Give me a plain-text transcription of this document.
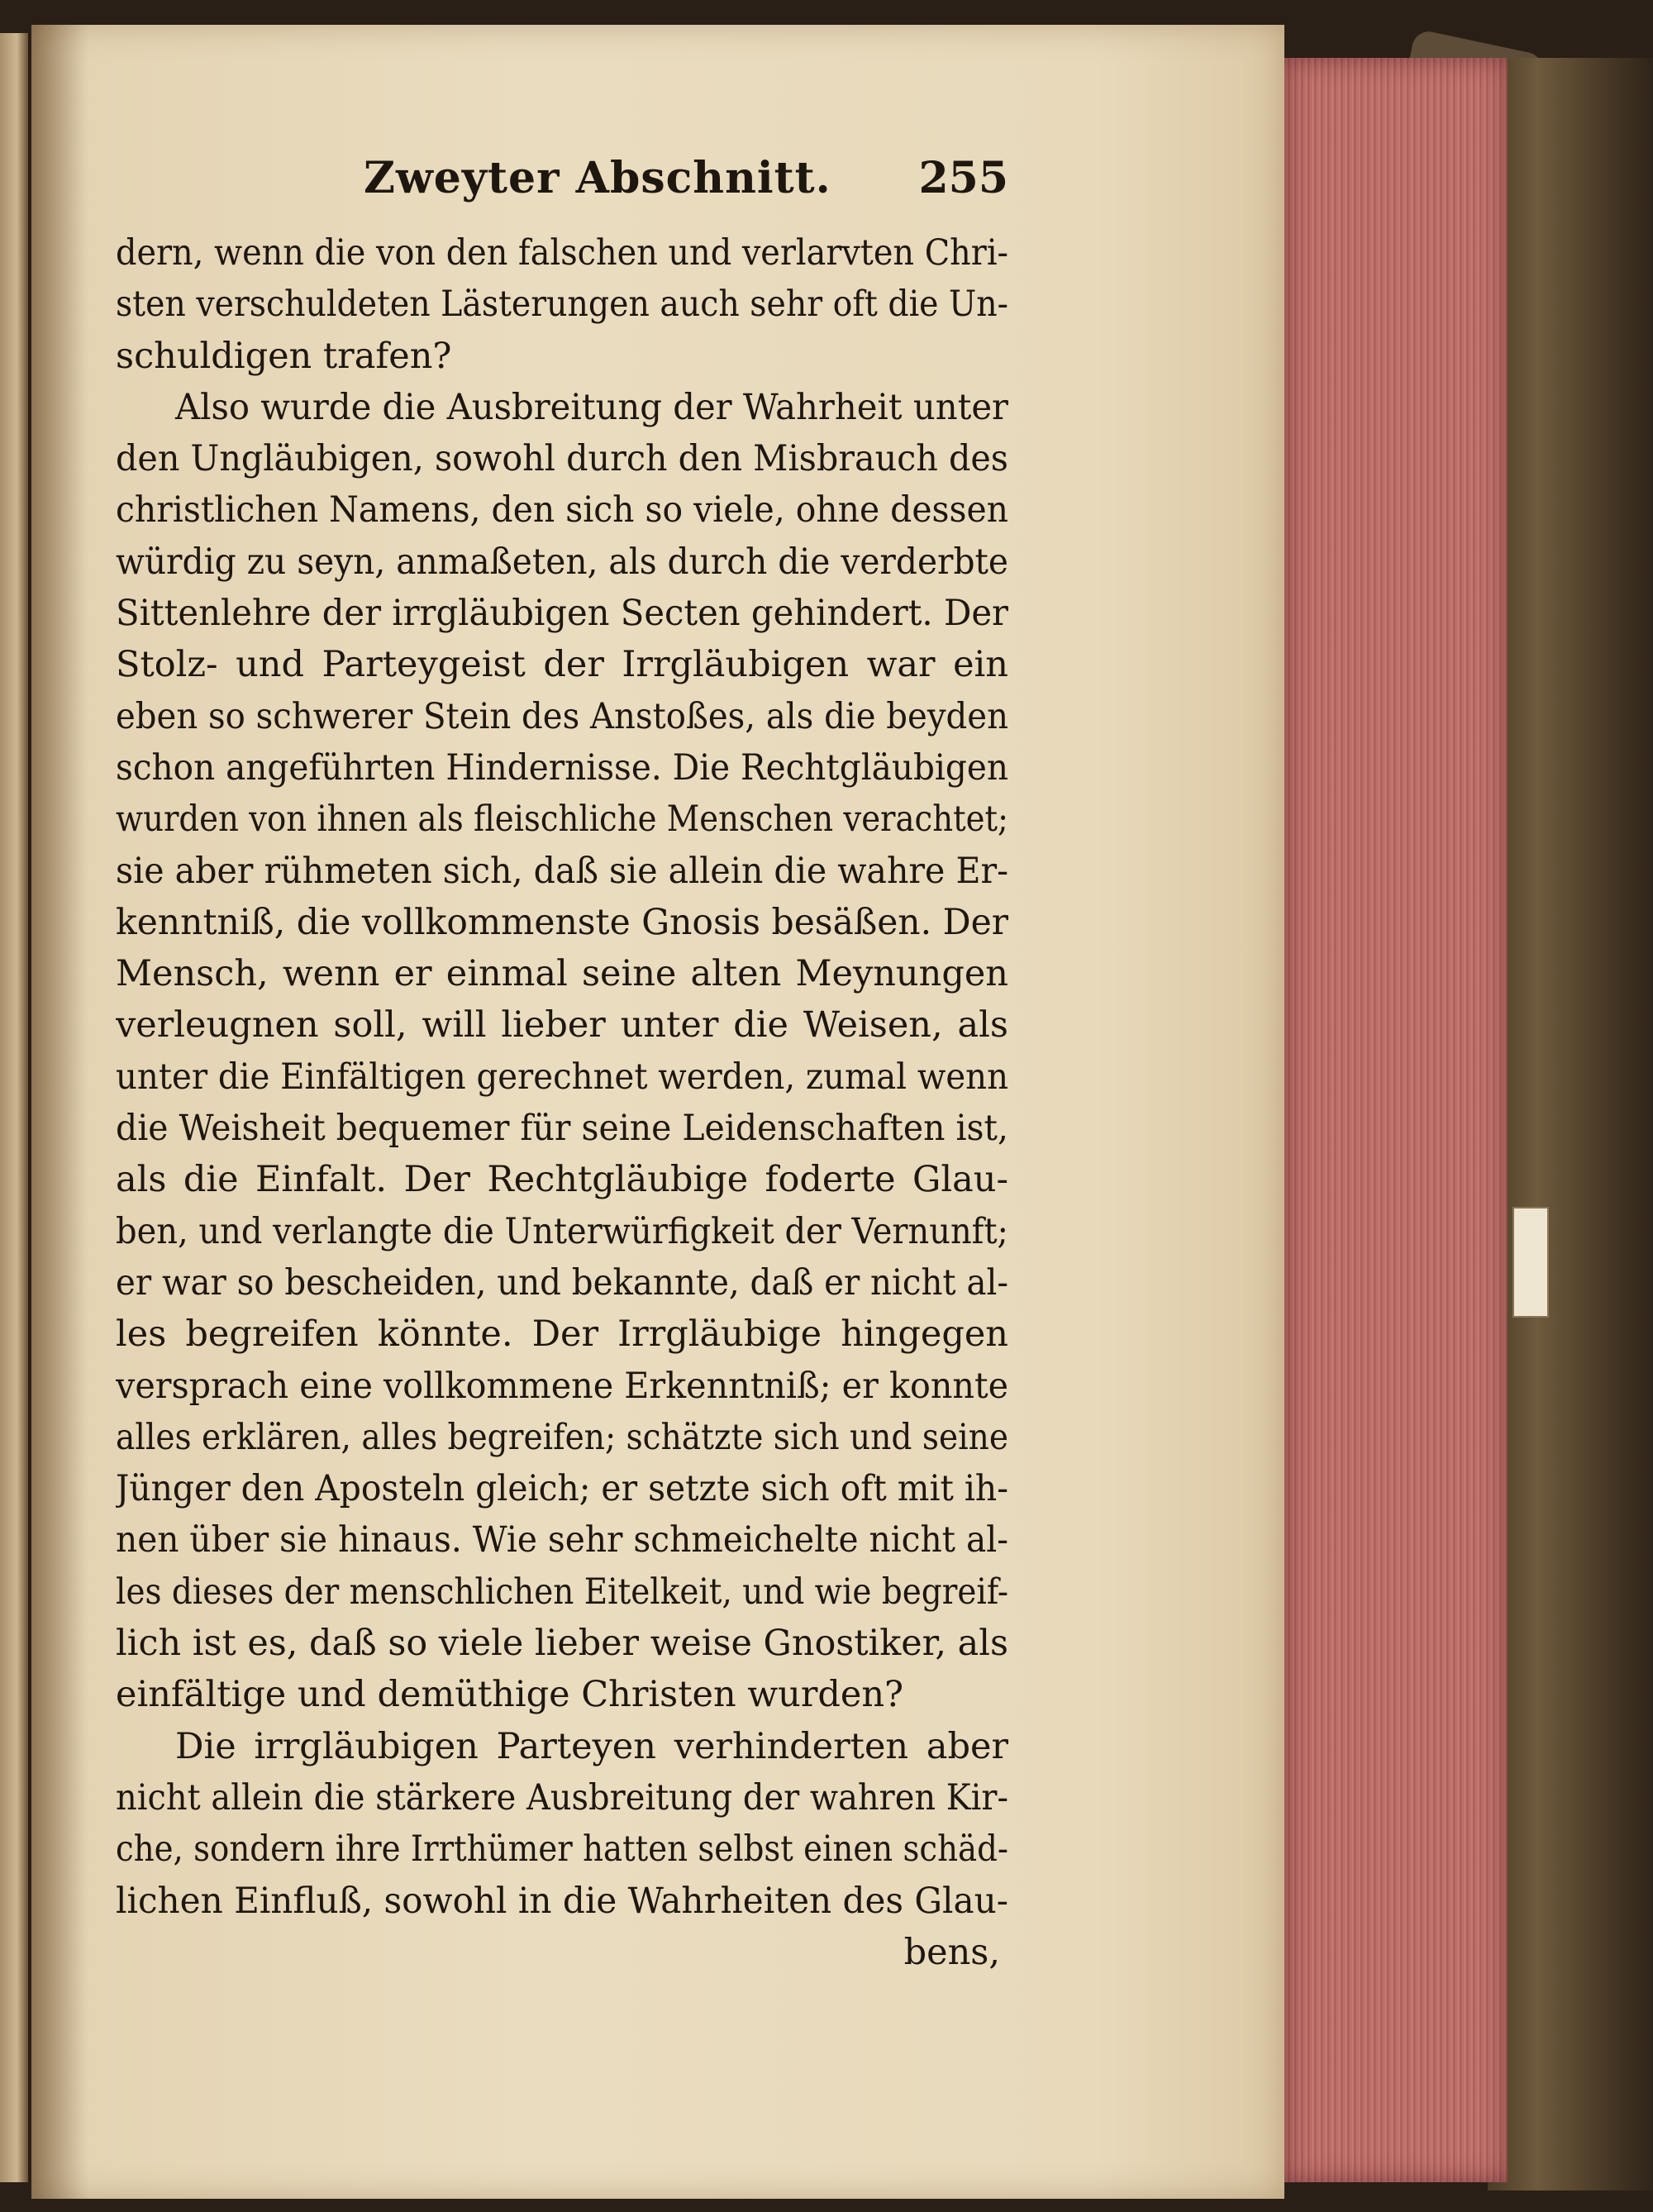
Zweyter Abschnitt. 255
dern, wenn die von den falschen und verlarvten Chri-
sten verschuldeten Lästerungen auch sehr oft die Un-
schuldigen trafen?
Also wurde die Ausbreitung der Wahrheit unter
den Ungläubigen, sowohl durch den Misbrauch des
christlichen Namens, den sich so viele, ohne dessen
würdig zu seyn, anmaßeten, als durch die verderbte
Sittenlehre der irrgläubigen Secten gehindert. Der
Stolz- und Parteygeist der Irrgläubigen war ein
eben so schwerer Stein des Anstoßes, als die beyden
schon angeführten Hindernisse. Die Rechtgläubigen
wurden von ihnen als fleischliche Menschen verachtet;
sie aber rühmeten sich, daß sie allein die wahre Er-
kenntniß, die vollkommenste Gnosis besäßen. Der
Mensch, wenn er einmal seine alten Meynungen
verleugnen soll, will lieber unter die Weisen, als
unter die Einfältigen gerechnet werden, zumal wenn
die Weisheit bequemer für seine Leidenschaften ist,
als die Einfalt. Der Rechtgläubige foderte Glau-
ben, und verlangte die Unterwürfigkeit der Vernunft;
er war so bescheiden, und bekannte, daß er nicht al-
les begreifen könnte. Der Irrgläubige hingegen
versprach eine vollkommene Erkenntniß; er konnte
alles erklären, alles begreifen; schätzte sich und seine
Jünger den Aposteln gleich; er setzte sich oft mit ih-
nen über sie hinaus. Wie sehr schmeichelte nicht al-
les dieses der menschlichen Eitelkeit, und wie begreif-
lich ist es, daß so viele lieber weise Gnostiker, als
einfältige und demüthige Christen wurden?
Die irrgläubigen Parteyen verhinderten aber
nicht allein die stärkere Ausbreitung der wahren Kir-
che, sondern ihre Irrthümer hatten selbst einen schäd-
lichen Einfluß, sowohl in die Wahrheiten des Glau-
bens,
